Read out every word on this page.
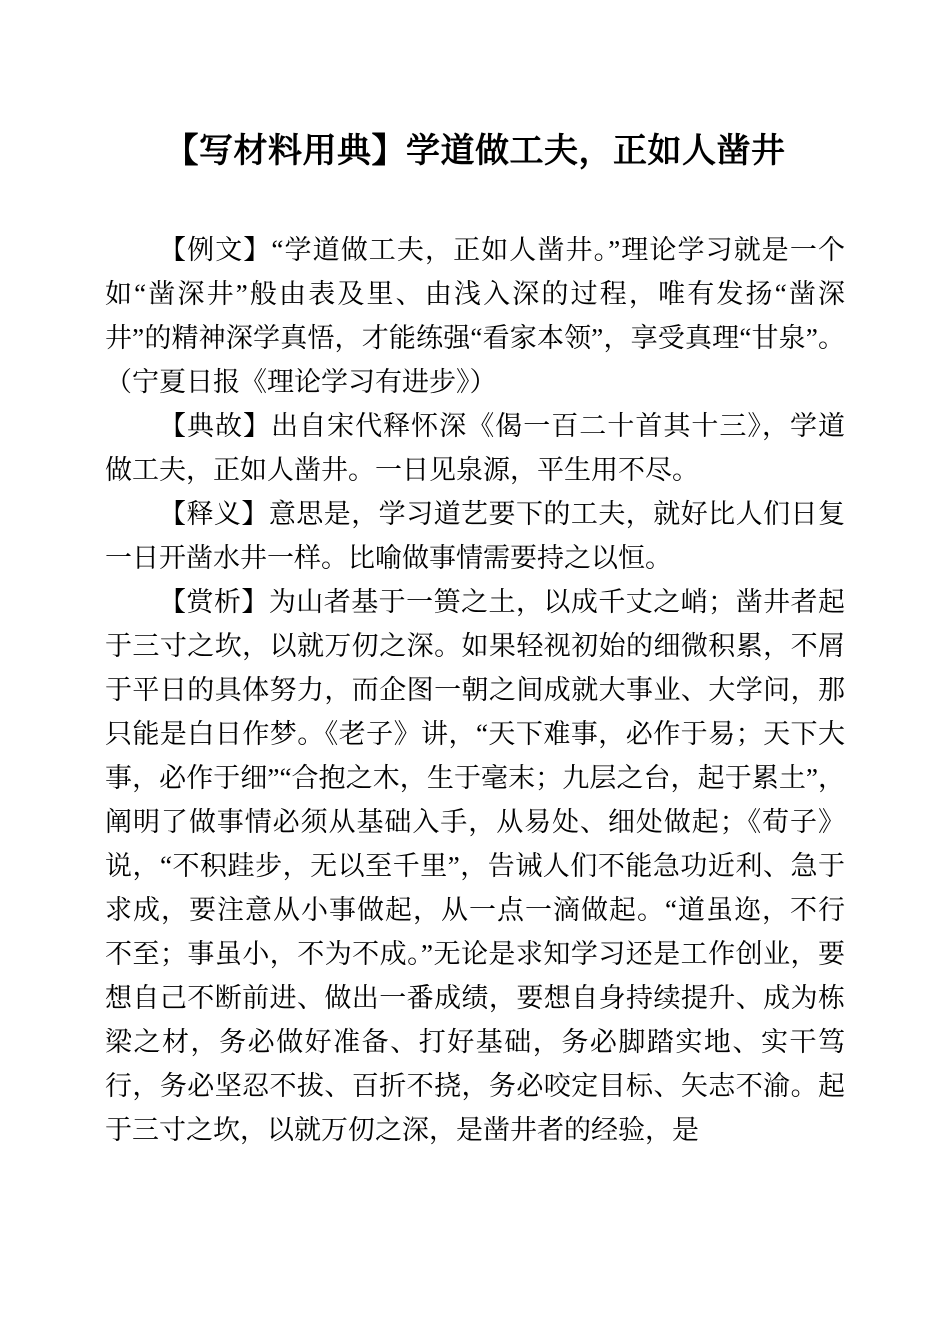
【写材料用典】学道做工夫，正如人凿井

【例文】“学道做工夫，正如人凿井。”理论学习就是一个如“凿深井”般由表及里、由浅入深的过程，唯有发扬“凿深井”的精神深学真悟，才能练强“看家本领”，享受真理“甘泉”。（宁夏日报《理论学习有进步》）

【典故】出自宋代释怀深《偈一百二十首其十三》，学道做工夫，正如人凿井。一日见泉源，平生用不尽。

【释义】意思是，学习道艺要下的工夫，就好比人们日复一日开凿水井一样。比喻做事情需要持之以恒。

【赏析】为山者基于一篑之土，以成千丈之峭；凿井者起于三寸之坎，以就万仞之深。如果轻视初始的细微积累，不屑于平日的具体努力，而企图一朝之间成就大事业、大学问，那只能是白日作梦。《老子》讲，“天下难事，必作于易；天下大事，必作于细”“合抱之木，生于毫末；九层之台，起于累土”，阐明了做事情必须从基础入手，从易处、细处做起；《荀子》说，“不积跬步，无以至千里”，告诫人们不能急功近利、急于求成，要注意从小事做起，从一点一滴做起。“道虽迩，不行不至；事虽小，不为不成。”无论是求知学习还是工作创业，要想自己不断前进、做出一番成绩，要想自身持续提升、成为栋梁之材，务必做好准备、打好基础，务必脚踏实地、实干笃行，务必坚忍不拔、百折不挠，务必咬定目标、矢志不渝。起于三寸之坎，以就万仞之深，是凿井者的经验，是
